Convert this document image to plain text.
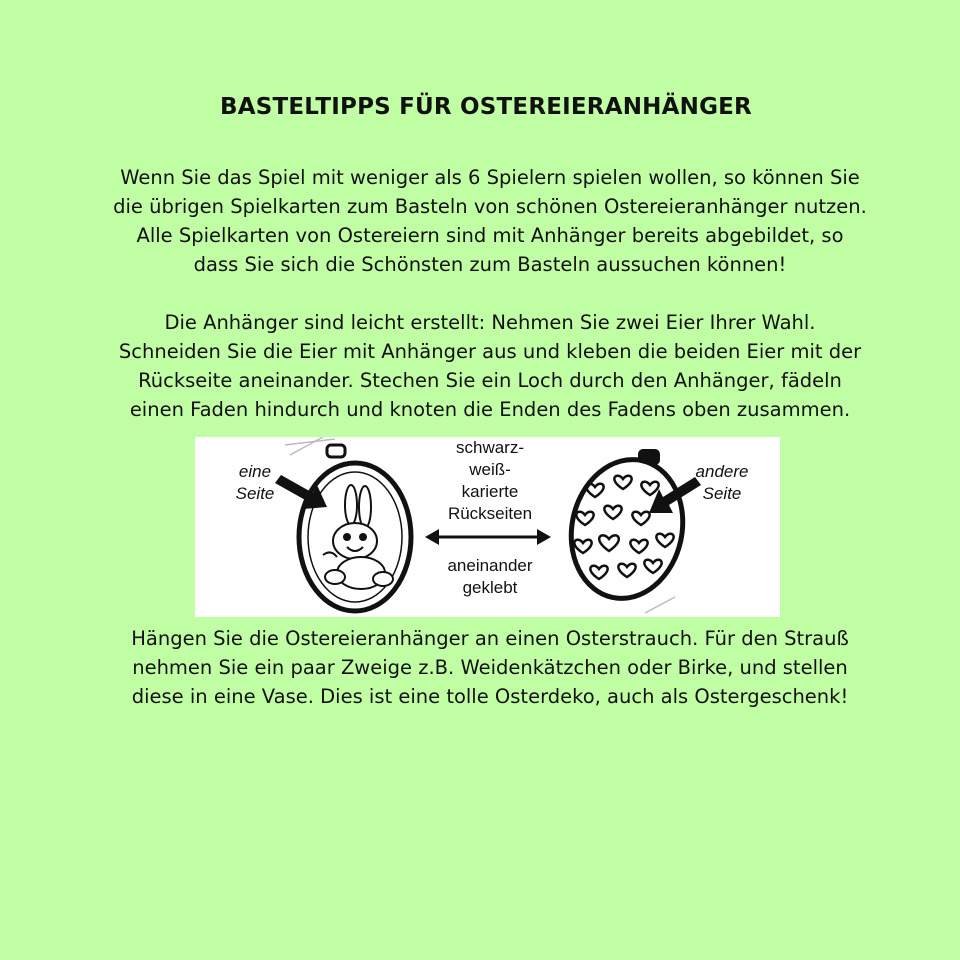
BASTELTIPPS FÜR OSTEREIERANHÄNGER
Wenn Sie das Spiel mit weniger als 6 Spielern spielen wollen, so können Sie
die übrigen Spielkarten zum Basteln von schönen Ostereieranhänger nutzen.
Alle Spielkarten von Ostereiern sind mit Anhänger bereits abgebildet, so
dass Sie sich die Schönsten zum Basteln aussuchen können!
Die Anhänger sind leicht erstellt: Nehmen Sie zwei Eier Ihrer Wahl.
Schneiden Sie die Eier mit Anhänger aus und kleben die beiden Eier mit der
Rückseite aneinander. Stechen Sie ein Loch durch den Anhänger, fädeln
einen Faden hindurch und knoten die Enden des Fadens oben zusammen.
eine
Seite
schwarz-
weiß-
karierte
Rückseiten
aneinander
geklebt
andere
Seite
Hängen Sie die Ostereieranhänger an einen Osterstrauch. Für den Strauß
nehmen Sie ein paar Zweige z.B. Weidenkätzchen oder Birke, und stellen
diese in eine Vase. Dies ist eine tolle Osterdeko, auch als Ostergeschenk!
